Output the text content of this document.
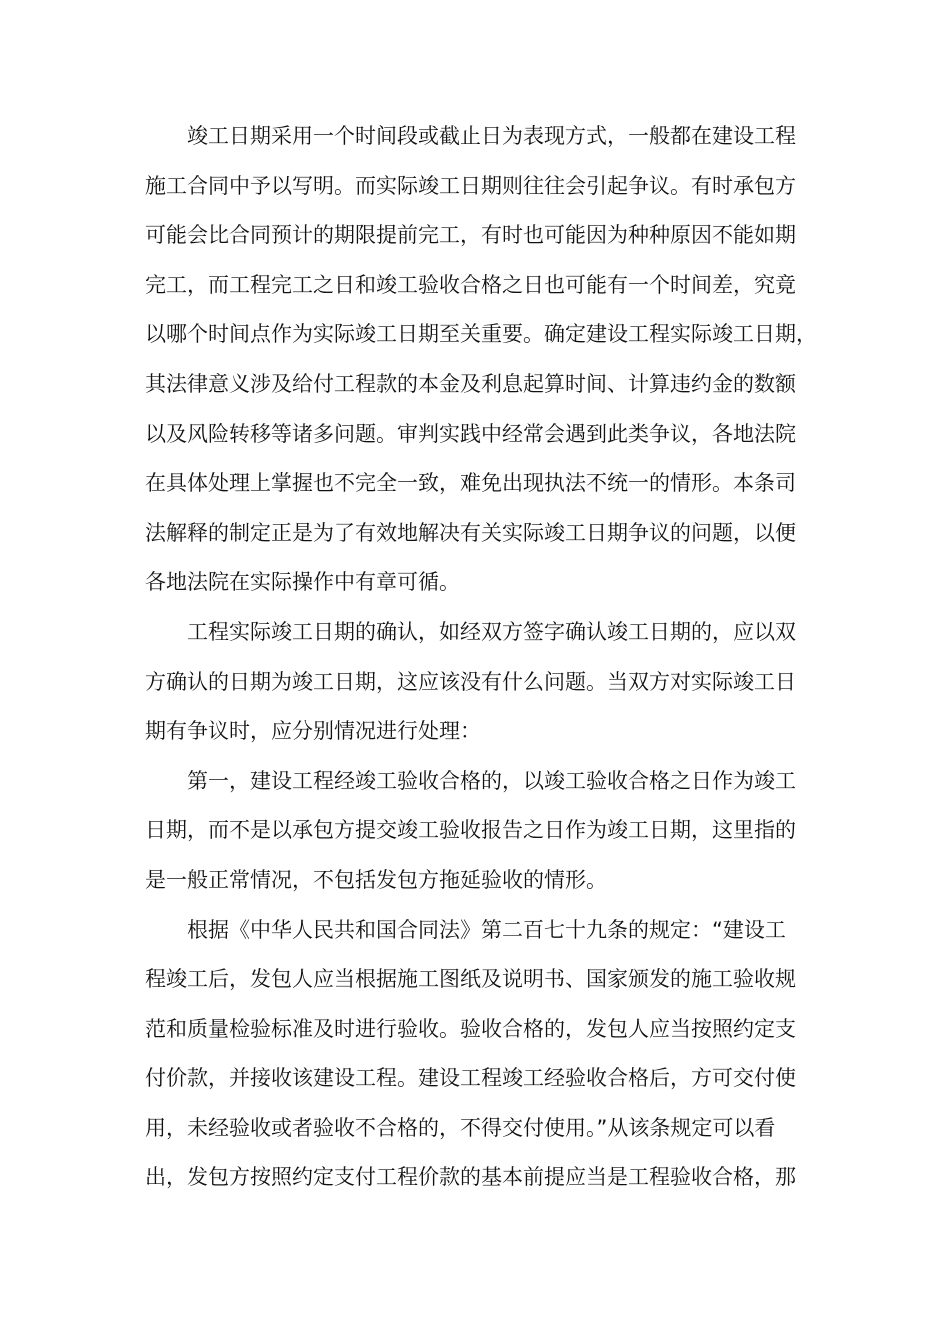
竣工日期采用一个时间段或截止日为表现方式，一般都在建设工程
施工合同中予以写明。而实际竣工日期则往往会引起争议。有时承包方
可能会比合同预计的期限提前完工，有时也可能因为种种原因不能如期
完工，而工程完工之日和竣工验收合格之日也可能有一个时间差，究竟
以哪个时间点作为实际竣工日期至关重要。确定建设工程实际竣工日期，
其法律意义涉及给付工程款的本金及利息起算时间、计算违约金的数额
以及风险转移等诸多问题。审判实践中经常会遇到此类争议，各地法院
在具体处理上掌握也不完全一致，难免出现执法不统一的情形。本条司
法解释的制定正是为了有效地解决有关实际竣工日期争议的问题，以便
各地法院在实际操作中有章可循。

工程实际竣工日期的确认，如经双方签字确认竣工日期的，应以双
方确认的日期为竣工日期，这应该没有什么问题。当双方对实际竣工日
期有争议时，应分别情况进行处理：

第一，建设工程经竣工验收合格的，以竣工验收合格之日作为竣工
日期，而不是以承包方提交竣工验收报告之日作为竣工日期，这里指的
是一般正常情况，不包括发包方拖延验收的情形。

根据《中华人民共和国合同法》第二百七十九条的规定：“建设工
程竣工后，发包人应当根据施工图纸及说明书、国家颁发的施工验收规
范和质量检验标准及时进行验收。验收合格的，发包人应当按照约定支
付价款，并接收该建设工程。建设工程竣工经验收合格后，方可交付使
用，未经验收或者验收不合格的，不得交付使用。”从该条规定可以看
出，发包方按照约定支付工程价款的基本前提应当是工程验收合格，那
